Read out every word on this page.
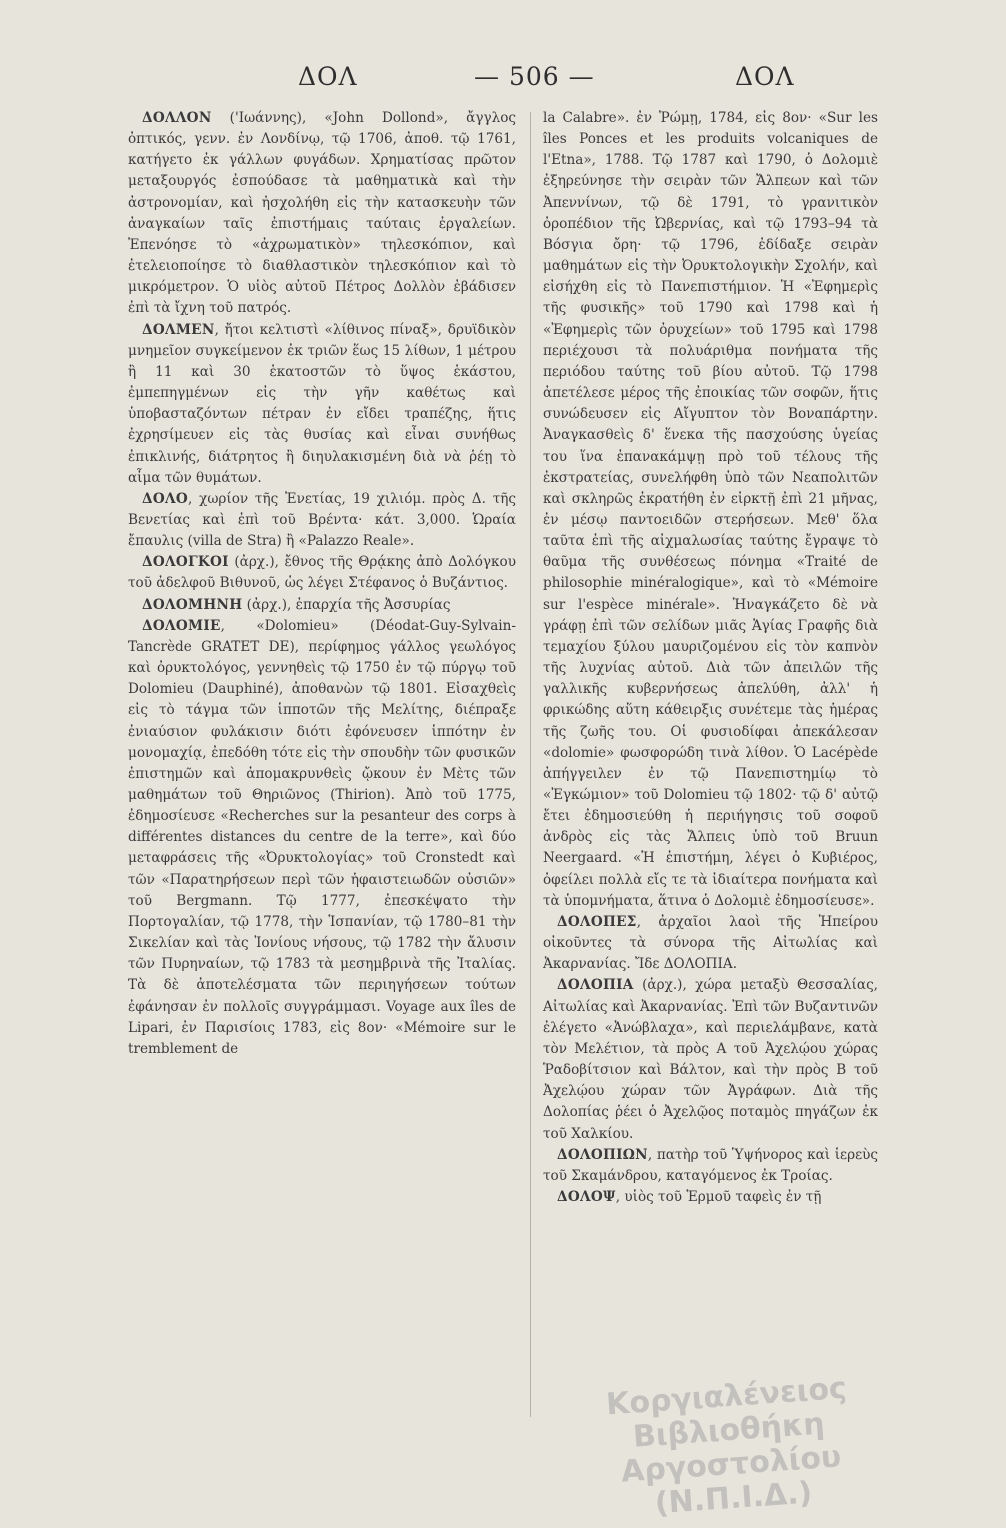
ΔΟΛ	— 506 —	ΔΟΛ

ΔΟΛΛΟΝ ('Ιωάννης), «John Dollond», ἄγγλος ὀπτικός, γενν. ἐν Λονδίνῳ, τῷ 1706, ἀποθ. τῷ 1761, κατήγετο ἐκ γάλλων φυγάδων. Χρηματίσας πρῶτον μεταξουργός ἐσπούδασε τὰ μαθηματικὰ καὶ τὴν ἀστρονομίαν, καὶ ἠσχολήθη εἰς τὴν κατασκευὴν τῶν ἀναγκαίων ταῖς ἐπιστήμαις ταύταις ἐργαλείων. Ἐπενόησε τὸ «ἀχρωματικὸν» τηλεσκόπιον, καὶ ἐτελειοποίησε τὸ διαθλαστικὸν τηλεσκόπιον καὶ τὸ μικρόμετρον. Ὁ υἱὸς αὐτοῦ Πέτρος Δολλὸν ἐβάδισεν ἐπὶ τὰ ἴχνη τοῦ πατρός.

ΔΟΛΜΕΝ, ἤτοι κελτιστὶ «λίθινος πίναξ», δρυϊδικὸν μνημεῖον συγκείμενον ἐκ τριῶν ἕως 15 λίθων, 1 μέτρου ἢ 11 καὶ 30 ἑκατοστῶν τὸ ὕψος ἑκάστου, ἐμπεπηγμένων εἰς τὴν γῆν καθέτως καὶ ὑποβασταζόντων πέτραν ἐν εἴδει τραπέζης, ἥτις ἐχρησίμευεν εἰς τὰς θυσίας καὶ εἶναι συνήθως ἐπικλινής, διάτρητος ἢ διηυλακισμένη διὰ νὰ ῥέῃ τὸ αἷμα τῶν θυμάτων.

ΔΟΛΟ, χωρίον τῆς Ἐνετίας, 19 χιλιόμ. πρὸς Δ. τῆς Βενετίας καὶ ἐπὶ τοῦ Βρέντα· κάτ. 3,000. Ὡραία ἔπαυλις (villa de Stra) ἢ «Palazzo Reale».

ΔΟΛΟΓΚΟΙ (ἀρχ.), ἔθνος τῆς Θρᾴκης ἀπὸ Δολόγκου τοῦ ἀδελφοῦ Βιθυνοῦ, ὡς λέγει Στέφανος ὁ Βυζάντιος.

ΔΟΛΟΜΗΝΗ (ἀρχ.), ἐπαρχία τῆς Ἀσσυρίας

ΔΟΛΟΜΙΕ, «Dolomieu» (Déodat-Guy-Sylvain-Tancrède GRATET DE), περίφημος γάλλος γεωλόγος καὶ ὀρυκτολόγος, γεννηθεὶς τῷ 1750 ἐν τῷ πύργῳ τοῦ Dolomieu (Dauphiné), ἀποθανὼν τῷ 1801. Εἰσαχθεὶς εἰς τὸ τάγμα τῶν ἱπποτῶν τῆς Μελίτης, διέπραξε ἐνιαύσιον φυλάκισιν διότι ἐφόνευσεν ἱππότην ἐν μονομαχίᾳ, ἐπεδόθη τότε εἰς τὴν σπουδὴν τῶν φυσικῶν ἐπιστημῶν καὶ ἀπομακρυνθεὶς ᾤκουν ἐν Μὲτς τῶν μαθημάτων τοῦ Θηριῶνος (Thirion). Ἀπὸ τοῦ 1775, ἐδημοσίευσε «Recherches sur la pesanteur des corps à différentes distances du centre de la terre», καὶ δύο μεταφράσεις τῆς «Ὀρυκτολογίας» τοῦ Cronstedt καὶ τῶν «Παρατηρήσεων περὶ τῶν ἡφαιστειωδῶν οὐσιῶν» τοῦ Bergmann. Τῷ 1777, ἐπεσκέψατο τὴν Πορτογαλίαν, τῷ 1778, τὴν Ἱσπανίαν, τῷ 1780–81 τὴν Σικελίαν καὶ τὰς Ἰονίους νήσους, τῷ 1782 τὴν ἄλυσιν τῶν Πυρηναίων, τῷ 1783 τὰ μεσημβρινὰ τῆς Ἰταλίας. Τὰ δὲ ἀποτελέσματα τῶν περιηγήσεων τούτων ἐφάνησαν ἐν πολλοῖς συγγράμμασι. Voyage aux îles de Lipari, ἐν Παρισίοις 1783, εἰς 8ον· «Mémoire sur le tremblement de

la Calabre». ἐν Ῥώμῃ, 1784, εἰς 8ον· «Sur les îles Ponces et les produits volcaniques de l'Etna», 1788. Τῷ 1787 καὶ 1790, ὁ Δολομιὲ ἐξηρεύνησε τὴν σειρὰν τῶν Ἄλπεων καὶ τῶν Ἀπεννίνων, τῷ δὲ 1791, τὸ γρανιτικὸν ὀροπέδιον τῆς Ὠβερνίας, καὶ τῷ 1793–94 τὰ Βόσγια ὄρη· τῷ 1796, ἐδίδαξε σειρὰν μαθημάτων εἰς τὴν Ὀρυκτολογικὴν Σχολήν, καὶ εἰσήχθη εἰς τὸ Πανεπιστήμιον. Ἡ «Ἐφημερὶς τῆς φυσικῆς» τοῦ 1790 καὶ 1798 καὶ ἡ «Ἐφημερὶς τῶν ὀρυχείων» τοῦ 1795 καὶ 1798 περιέχουσι τὰ πολυάριθμα πονήματα τῆς περιόδου ταύτης τοῦ βίου αὐτοῦ. Τῷ 1798 ἀπετέλεσε μέρος τῆς ἐποικίας τῶν σοφῶν, ἥτις συνώδευσεν εἰς Αἴγυπτον τὸν Βοναπάρτην. Ἀναγκασθεὶς δ' ἕνεκα τῆς πασχούσης ὑγείας του ἵνα ἐπανακάμψῃ πρὸ τοῦ τέλους τῆς ἐκστρατείας, συνελήφθη ὑπὸ τῶν Νεαπολιτῶν καὶ σκληρῶς ἐκρατήθη ἐν εἱρκτῇ ἐπὶ 21 μῆνας, ἐν μέσῳ παντοειδῶν στερήσεων. Μεθ' ὅλα ταῦτα ἐπὶ τῆς αἰχμαλωσίας ταύτης ἔγραψε τὸ θαῦμα τῆς συνθέσεως πόνημα «Traité de philosophie minéralogique», καὶ τὸ «Mémoire sur l'espèce minérale». Ἠναγκάζετο δὲ νὰ γράφῃ ἐπὶ τῶν σελίδων μιᾶς Ἁγίας Γραφῆς διὰ τεμαχίου ξύλου μαυριζομένου εἰς τὸν καπνὸν τῆς λυχνίας αὐτοῦ. Διὰ τῶν ἀπειλῶν τῆς γαλλικῆς κυβερνήσεως ἀπελύθη, ἀλλ' ἡ φρικώδης αὕτη κάθειρξις συνέτεμε τὰς ἡμέρας τῆς ζωῆς του. Οἱ φυσιοδίφαι ἀπεκάλεσαν «dolomie» φωσφορώδη τινὰ λίθον. Ὁ Lacépède ἀπήγγειλεν ἐν τῷ Πανεπιστημίῳ τὸ «Ἐγκώμιον» τοῦ Dolomieu τῷ 1802· τῷ δ' αὐτῷ ἔτει ἐδημοσιεύθη ἡ περιήγησις τοῦ σοφοῦ ἀνδρὸς εἰς τὰς Ἄλπεις ὑπὸ τοῦ Bruun Neergaard. «Ἡ ἐπιστήμη, λέγει ὁ Κυβιέρος, ὀφείλει πολλὰ εἴς τε τὰ ἰδιαίτερα πονήματα καὶ τὰ ὑπομνήματα, ἅτινα ὁ Δολομιὲ ἐδημοσίευσε».

ΔΟΛΟΠΕΣ, ἀρχαῖοι λαοὶ τῆς Ἠπείρου οἰκοῦντες τὰ σύνορα τῆς Αἰτωλίας καὶ Ἀκαρνανίας. Ἴδε ΔΟΛΟΠΙΑ.

ΔΟΛΟΠΙΑ (ἀρχ.), χώρα μεταξὺ Θεσσαλίας, Αἰτωλίας καὶ Ἀκαρνανίας. Ἐπὶ τῶν Βυζαντινῶν ἐλέγετο «Ἀνώβλαχα», καὶ περιελάμβανε, κατὰ τὸν Μελέτιον, τὰ πρὸς Α τοῦ Ἀχελῴου χώρας Ῥαδοβίτσιον καὶ Βάλτον, καὶ τὴν πρὸς Β τοῦ Ἀχελῴου χώραν τῶν Ἀγράφων. Διὰ τῆς Δολοπίας ῥέει ὁ Ἀχελῷος ποταμὸς πηγάζων ἐκ τοῦ Χαλκίου.

ΔΟΛΟΠΙΩΝ, πατὴρ τοῦ Ὑψήνορος καὶ ἱερεὺς τοῦ Σκαμάνδρου, καταγόμενος ἐκ Τροίας.

ΔΟΛΟΨ, υἱὸς τοῦ Ἑρμοῦ ταφεὶς ἐν τῇ

Κοργιαλένειος Βιβλιοθήκη Αργοστολίου (Ν.Π.Ι.Δ.)
